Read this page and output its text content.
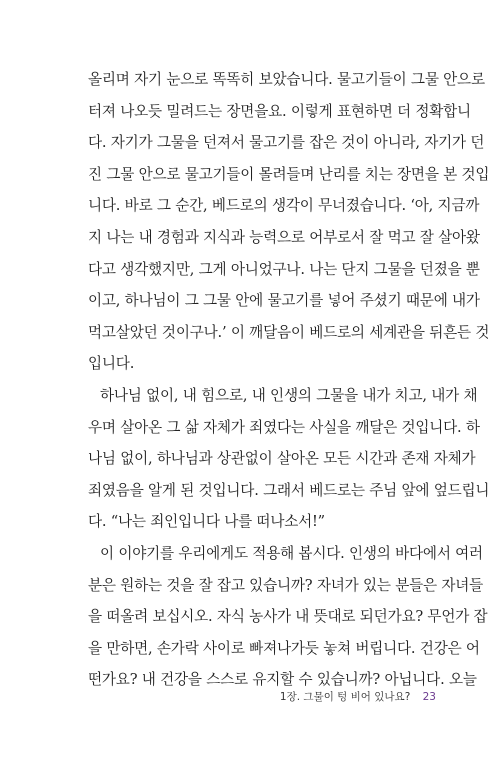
올리며 자기 눈으로 똑똑히 보았습니다. 물고기들이 그물 안으로
터져 나오듯 밀려드는 장면을요. 이렇게 표현하면 더 정확합니
다. 자기가 그물을 던져서 물고기를 잡은 것이 아니라, 자기가 던
진 그물 안으로 물고기들이 몰려들며 난리를 치는 장면을 본 것입
니다. 바로 그 순간, 베드로의 생각이 무너졌습니다. ‘아, 지금까
지 나는 내 경험과 지식과 능력으로 어부로서 잘 먹고 잘 살아왔
다고 생각했지만, 그게 아니었구나. 나는 단지 그물을 던졌을 뿐
이고, 하나님이 그 그물 안에 물고기를 넣어 주셨기 때문에 내가
먹고살았던 것이구나.’ 이 깨달음이 베드로의 세계관을 뒤흔든 것
입니다.
하나님 없이, 내 힘으로, 내 인생의 그물을 내가 치고, 내가 채
우며 살아온 그 삶 자체가 죄였다는 사실을 깨달은 것입니다. 하
나님 없이, 하나님과 상관없이 살아온 모든 시간과 존재 자체가
죄였음을 알게 된 것입니다. 그래서 베드로는 주님 앞에 엎드립니
다. “나는 죄인입니다 나를 떠나소서!”
이 이야기를 우리에게도 적용해 봅시다. 인생의 바다에서 여러
분은 원하는 것을 잘 잡고 있습니까? 자녀가 있는 분들은 자녀들
을 떠올려 보십시오. 자식 농사가 내 뜻대로 되던가요? 무언가 잡
을 만하면, 손가락 사이로 빠져나가듯 놓쳐 버립니다. 건강은 어
떤가요? 내 건강을 스스로 유지할 수 있습니까? 아닙니다. 오늘
1장. 그물이 텅 비어 있나요? 23
